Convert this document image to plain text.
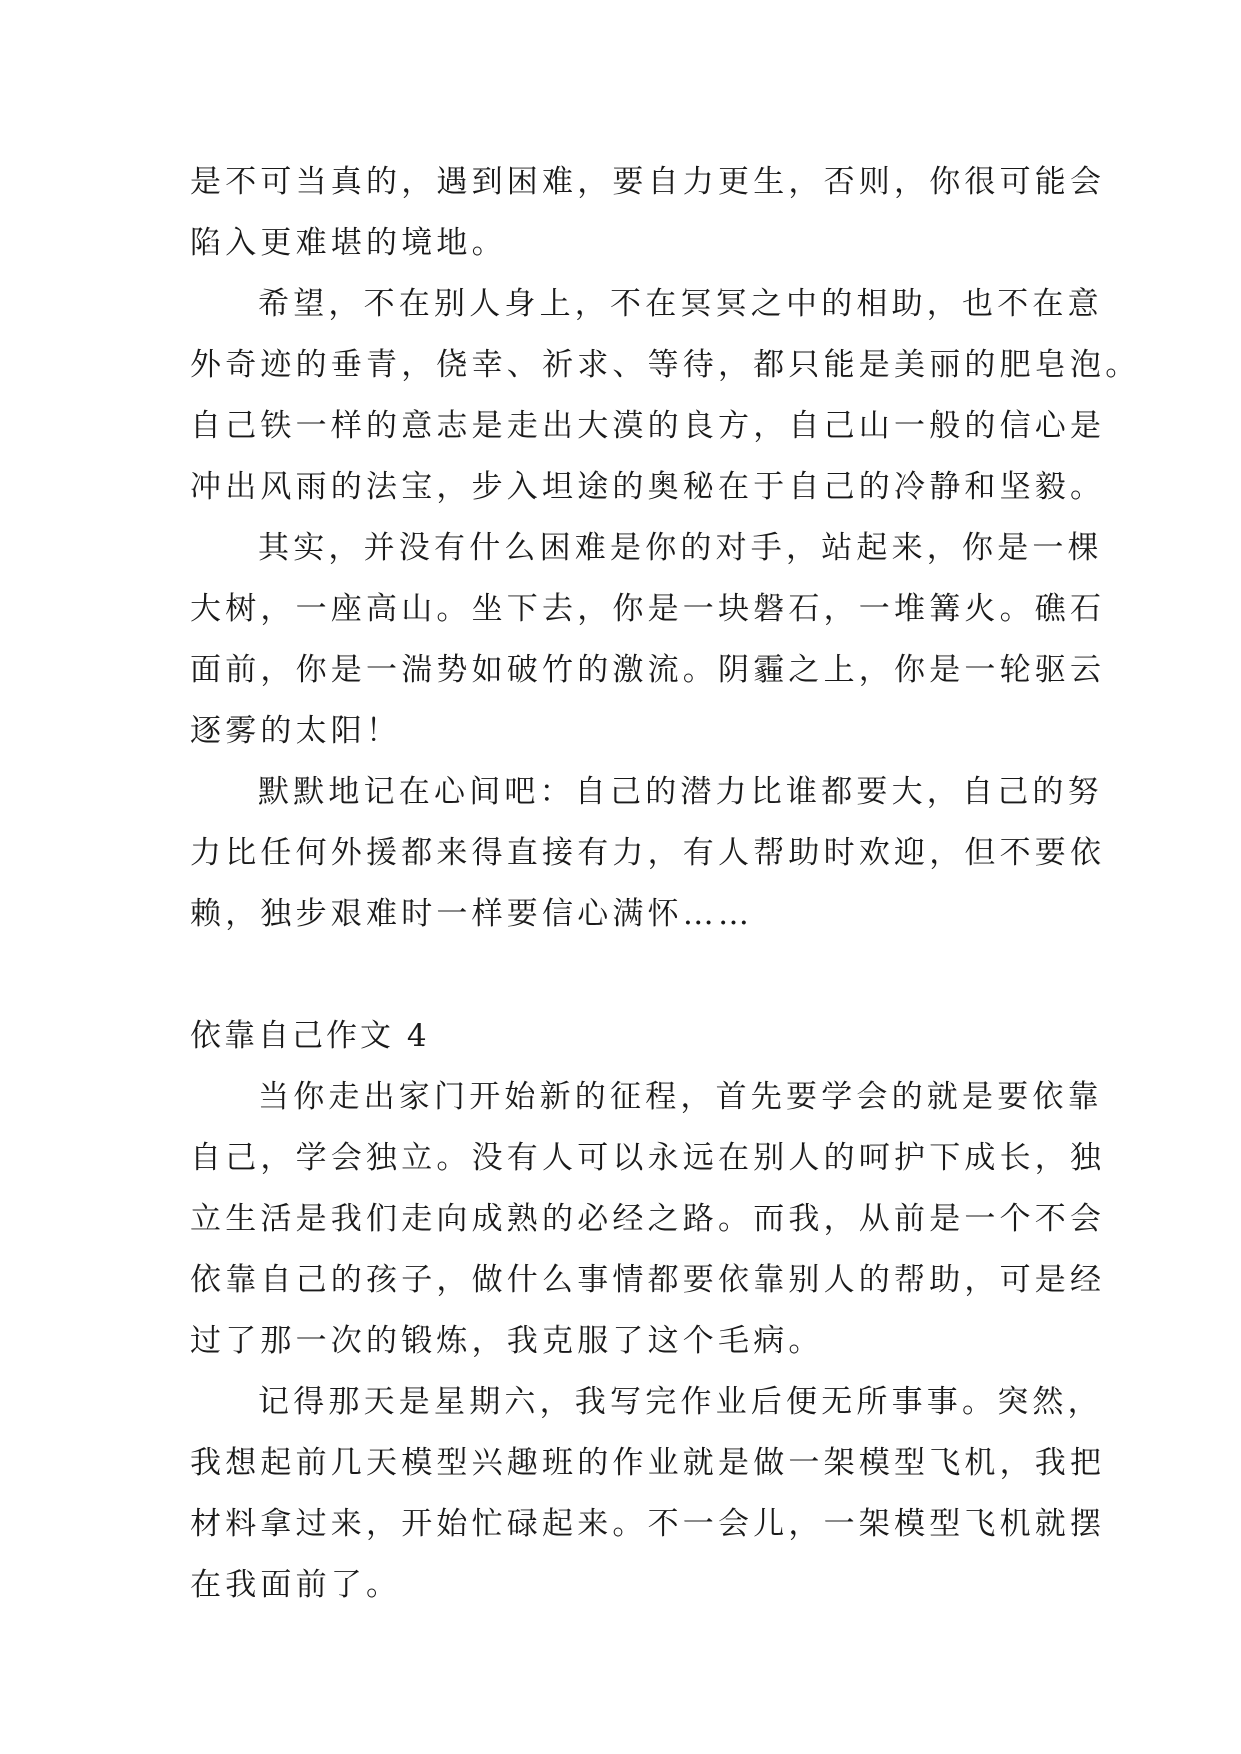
是不可当真的，遇到困难，要自力更生，否则，你很可能会
陷入更难堪的境地。
希望，不在别人身上，不在冥冥之中的相助，也不在意
外奇迹的垂青，侥幸、祈求、等待，都只能是美丽的肥皂泡。
自己铁一样的意志是走出大漠的良方，自己山一般的信心是
冲出风雨的法宝，步入坦途的奥秘在于自己的冷静和坚毅。
其实，并没有什么困难是你的对手，站起来，你是一棵
大树，一座高山。坐下去，你是一块磐石，一堆篝火。礁石
面前，你是一湍势如破竹的激流。阴霾之上，你是一轮驱云
逐雾的太阳！
默默地记在心间吧：自己的潜力比谁都要大，自己的努
力比任何外援都来得直接有力，有人帮助时欢迎，但不要依
赖，独步艰难时一样要信心满怀……
依靠自己作文 4
当你走出家门开始新的征程，首先要学会的就是要依靠
自己，学会独立。没有人可以永远在别人的呵护下成长，独
立生活是我们走向成熟的必经之路。而我，从前是一个不会
依靠自己的孩子，做什么事情都要依靠别人的帮助，可是经
过了那一次的锻炼，我克服了这个毛病。
记得那天是星期六，我写完作业后便无所事事。突然，
我想起前几天模型兴趣班的作业就是做一架模型飞机，我把
材料拿过来，开始忙碌起来。不一会儿，一架模型飞机就摆
在我面前了。
